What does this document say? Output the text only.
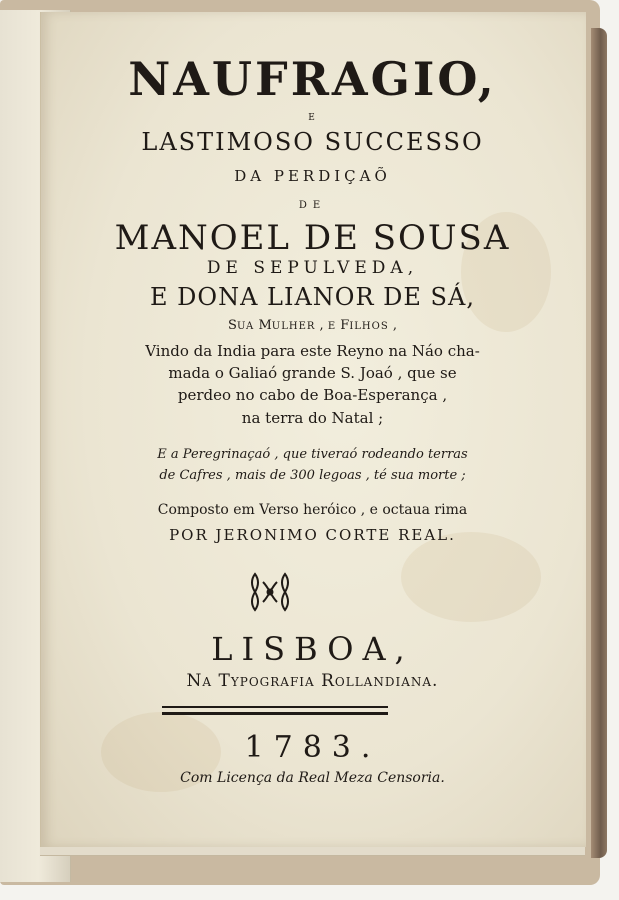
NAUFRAGIO,
E
LASTIMOSO SUCCESSO
DA PERDIÇAÕ
DE
MANOEL DE SOUSA
DE SEPULVEDA,
E DONA LIANOR DE SÁ,
SUA MULHER , E FILHOS ,
Vindo da India para este Reyno na Náo cha-
mada o Galiaó grande S. Joaó , que se
perdeo no cabo de Boa-Esperança ,
na terra do Natal ;
E a Peregrinaçaó , que tiveraó rodeando terras
de Cafres , mais de 300 legoas , té sua morte ;
Composto em Verso heróico , e octaua rima
POR JERONIMO CORTE REAL.
LISBOA,
Na Typografia Rollandiana.
1783.
Com Licença da Real Meza Censoria.
